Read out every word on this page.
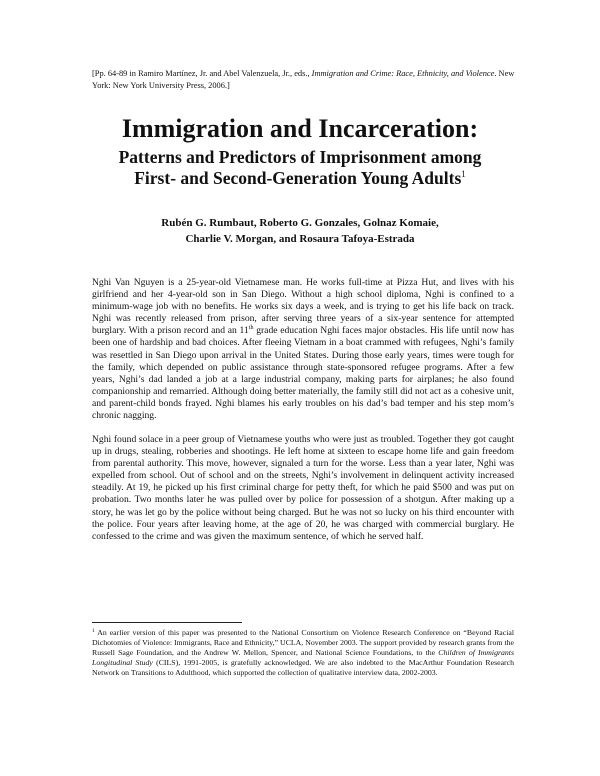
[Pp. 64-89 in Ramiro Martínez, Jr. and Abel Valenzuela, Jr., eds., Immigration and Crime: Race, Ethnicity, and Violence. New York: New York University Press, 2006.]
Immigration and Incarceration:
Patterns and Predictors of Imprisonment among
First- and Second-Generation Young Adults$^1$
Rubén G. Rumbaut, Roberto G. Gonzales, Golnaz Komaie,
Charlie V. Morgan, and Rosaura Tafoya-Estrada

Nghi Van Nguyen is a 25-year-old Vietnamese man. He works full-time at Pizza Hut, and lives with his girlfriend and her 4-year-old son in San Diego. Without a high school diploma, Nghi is confined to a minimum-wage job with no benefits. He works six days a week, and is trying to get his life back on track. Nghi was recently released from prison, after serving three years of a six-year sentence for attempted burglary. With a prison record and an 11th grade education Nghi faces major obstacles. His life until now has been one of hardship and bad choices. After fleeing Vietnam in a boat crammed with refugees, Nghi’s family was resettled in San Diego upon arrival in the United States. During those early years, times were tough for the family, which depended on public assistance through state-sponsored refugee programs. After a few years, Nghi’s dad landed a job at a large industrial company, making parts for airplanes; he also found companionship and remarried. Although doing better materially, the family still did not act as a cohesive unit, and parent-child bonds frayed. Nghi blames his early troubles on his dad’s bad temper and his step mom’s chronic nagging.

Nghi found solace in a peer group of Vietnamese youths who were just as troubled. Together they got caught up in drugs, stealing, robberies and shootings. He left home at sixteen to escape home life and gain freedom from parental authority. This move, however, signaled a turn for the worse. Less than a year later, Nghi was expelled from school. Out of school and on the streets, Nghi’s involvement in delinquent activity increased steadily. At 19, he picked up his first criminal charge for petty theft, for which he paid $500 and was put on probation. Two months later he was pulled over by police for possession of a shotgun. After making up a story, he was let go by the police without being charged. But he was not so lucky on his third encounter with the police. Four years after leaving home, at the age of 20, he was charged with commercial burglary. He confessed to the crime and was given the maximum sentence, of which he served half.

$^1$ An earlier version of this paper was presented to the National Consortium on Violence Research Conference on “Beyond Racial Dichotomies of Violence: Immigrants, Race and Ethnicity,” UCLA, November 2003. The support provided by research grants from the Russell Sage Foundation, and the Andrew W. Mellon, Spencer, and National Science Foundations, to the Children of Immigrants Longitudinal Study (CILS), 1991-2005, is gratefully acknowledged. We are also indebted to the MacArthur Foundation Research Network on Transitions to Adulthood, which supported the collection of qualitative interview data, 2002-2003.
